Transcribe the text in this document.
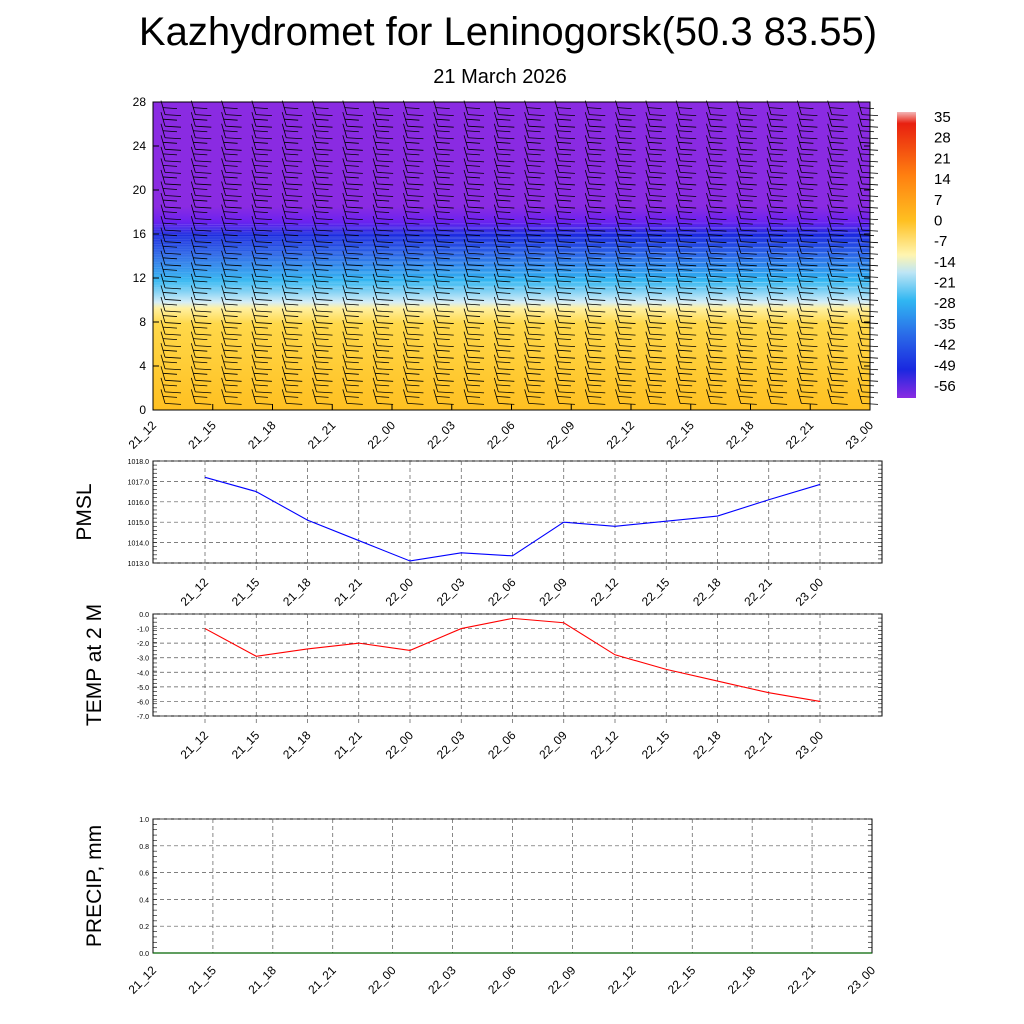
0
4
8
12
16
20
24
28
21_12 21_15 21_18 21_21 22_00 22_03 22_06 22_09 22_12 22_15 22_18 22_21 23_00
35
28
21
14
7
0
-7
-14
-21
-28
-35
-42
-49
-56
1013.0
1014.0
1015.0
1016.0
1017.0
1018.0
21_12 21_15 21_18 21_21 22_00 22_03 22_06 22_09 22_12 22_15 22_18 22_21 23_00
PMSL
-7.0
-6.0
-5.0
-4.0
-3.0
-2.0
-1.0
0.0
21_12 21_15 21_18 21_21 22_00 22_03 22_06 22_09 22_12 22_15 22_18 22_21 23_00
TEMP at 2 M
0.0
0.2
0.4
0.6
0.8
1.0
21_12 21_15 21_18 21_21 22_00 22_03 22_06 22_09 22_12 22_15 22_18 22_21 23_00
PRECIP, mm
Kazhydromet for Leninogorsk(50.3 83.55)
21 March 2026
